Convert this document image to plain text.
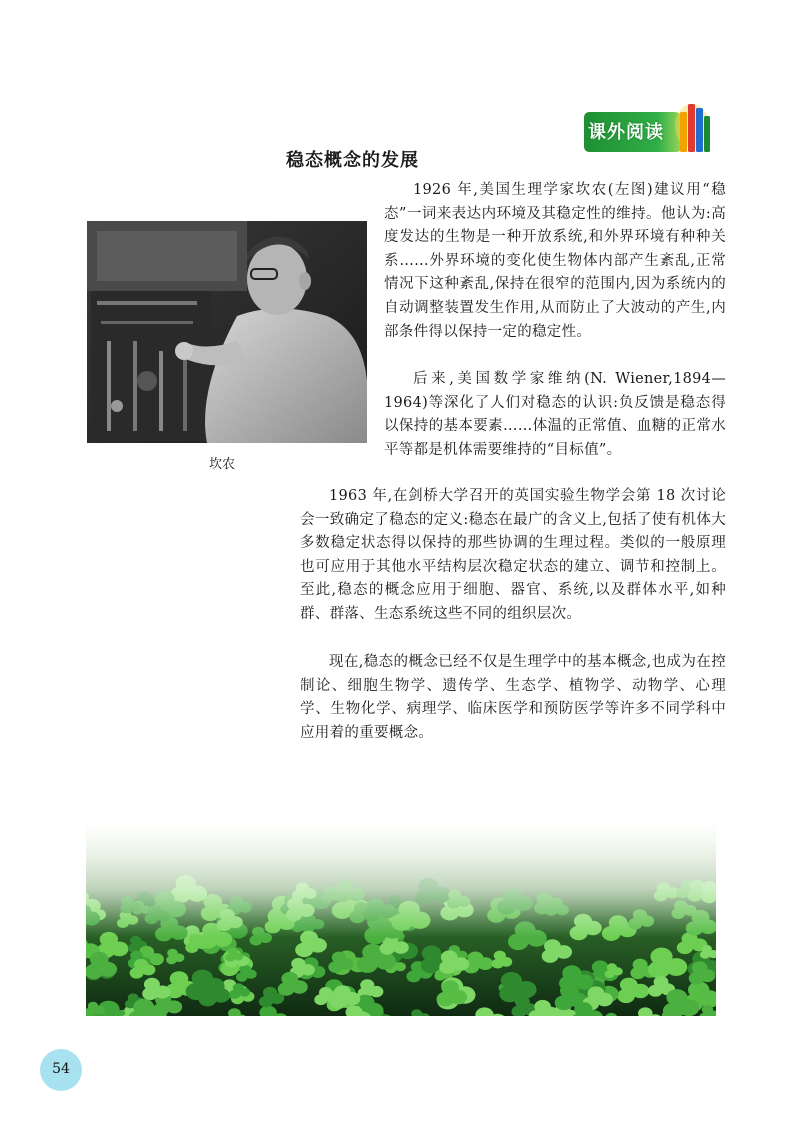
课外阅读
稳态概念的发展
坎农

1926 年,美国生理学家坎农(左图)建议用“稳态”一词来表达内环境及其稳定性的维持。他认为:高度发达的生物是一种开放系统,和外界环境有种种关系……外界环境的变化使生物体内部产生紊乱,正常情况下这种紊乱,保持在很窄的范围内,因为系统内的自动调整装置发生作用,从而防止了大波动的产生,内部条件得以保持一定的稳定性。

后来,美国数学家维纳(N. Wiener,1894—1964)等深化了人们对稳态的认识:负反馈是稳态得以保持的基本要素……体温的正常值、血糖的正常水平等都是机体需要维持的“目标值”。

1963 年,在剑桥大学召开的英国实验生物学会第 18 次讨论会一致确定了稳态的定义:稳态在最广的含义上,包括了使有机体大多数稳定状态得以保持的那些协调的生理过程。类似的一般原理也可应用于其他水平结构层次稳定状态的建立、调节和控制上。至此,稳态的概念应用于细胞、器官、系统,以及群体水平,如种群、群落、生态系统这些不同的组织层次。

现在,稳态的概念已经不仅是生理学中的基本概念,也成为在控制论、细胞生物学、遗传学、生态学、植物学、动物学、心理学、生物化学、病理学、临床医学和预防医学等许多不同学科中应用着的重要概念。

54
